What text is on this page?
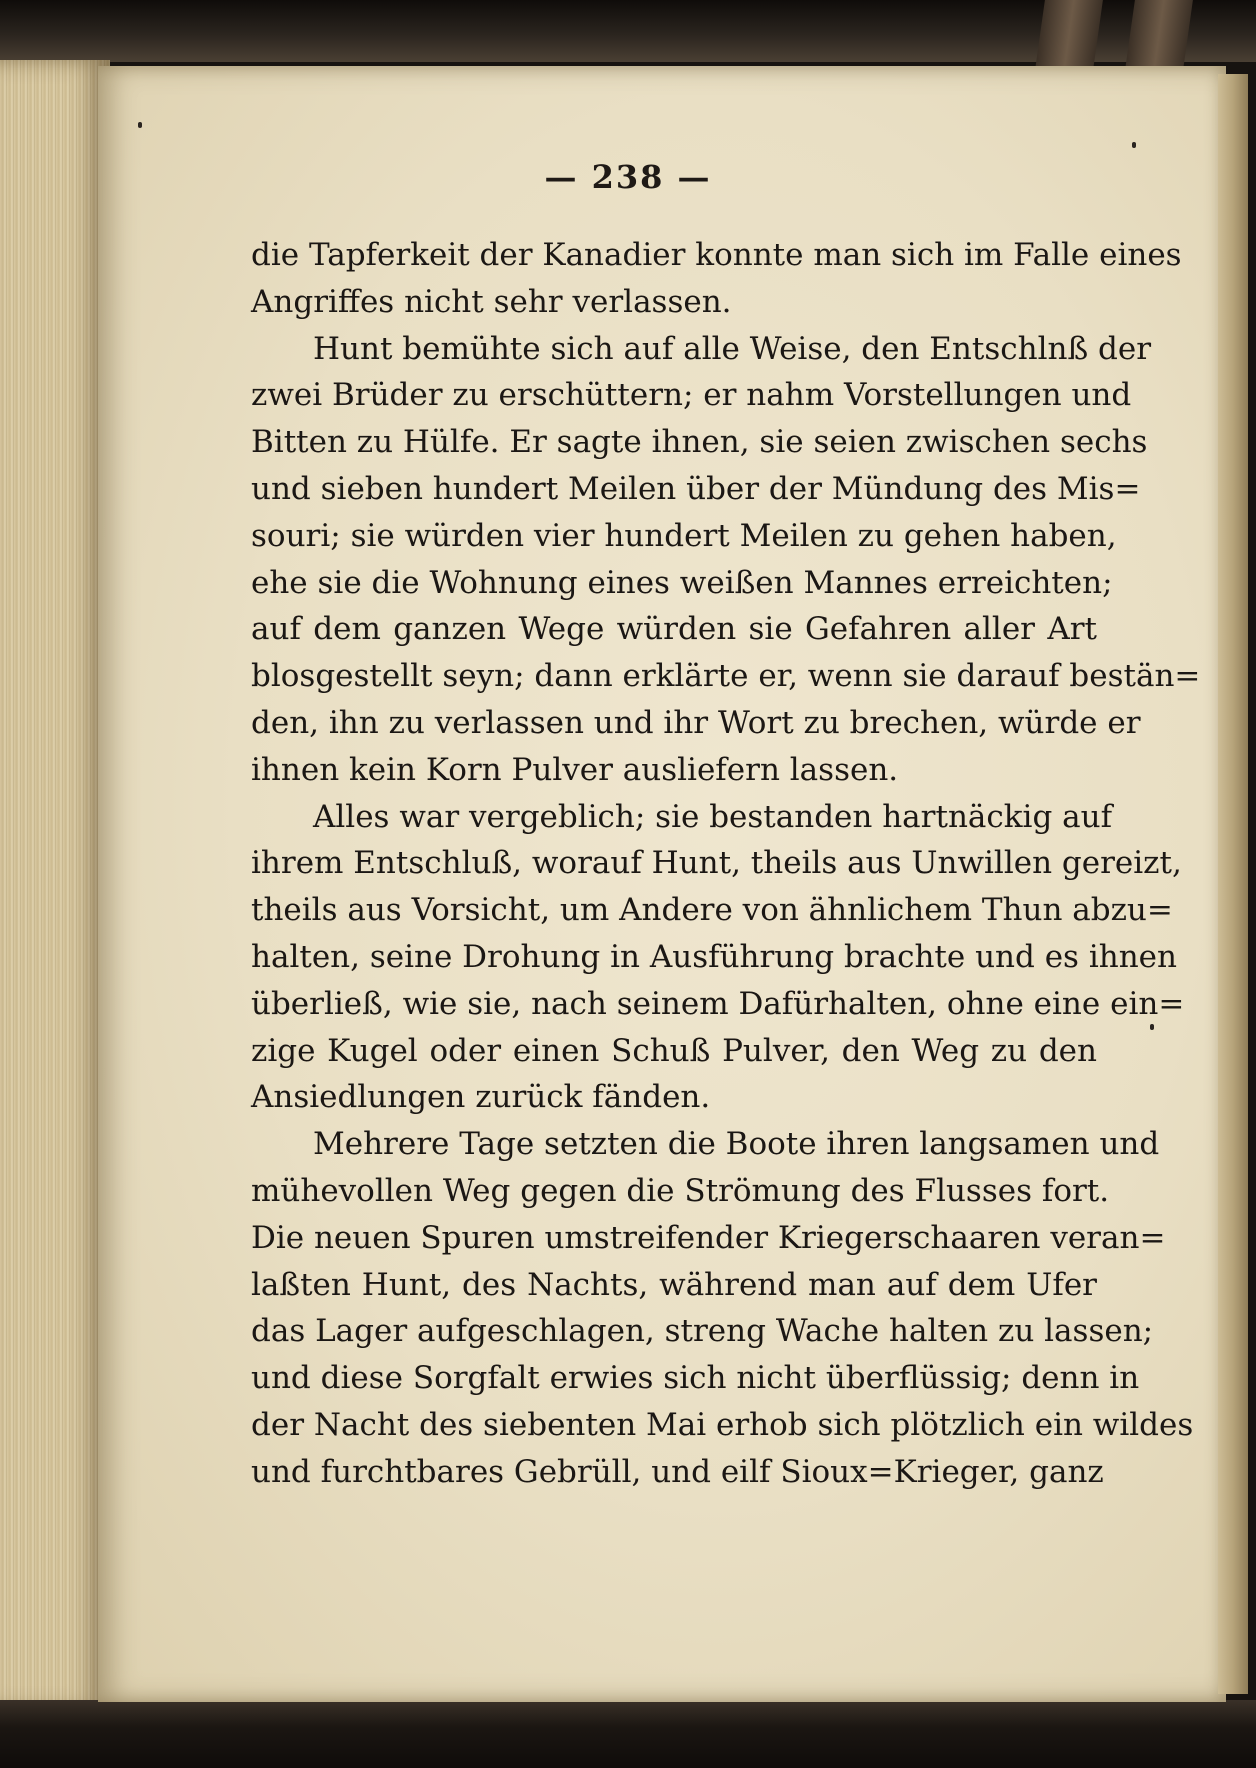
— 238 —
die Tapferkeit der Kanadier konnte man sich im Falle eines
Angriffes nicht sehr verlassen.
Hunt bemühte sich auf alle Weise, den Entschlnß der
zwei Brüder zu erschüttern; er nahm Vorstellungen und
Bitten zu Hülfe. Er sagte ihnen, sie seien zwischen sechs
und sieben hundert Meilen über der Mündung des Mis=
souri; sie würden vier hundert Meilen zu gehen haben,
ehe sie die Wohnung eines weißen Mannes erreichten;
auf dem ganzen Wege würden sie Gefahren aller Art
blosgestellt seyn; dann erklärte er, wenn sie darauf bestän=
den, ihn zu verlassen und ihr Wort zu brechen, würde er
ihnen kein Korn Pulver ausliefern lassen.
Alles war vergeblich; sie bestanden hartnäckig auf
ihrem Entschluß, worauf Hunt, theils aus Unwillen gereizt,
theils aus Vorsicht, um Andere von ähnlichem Thun abzu=
halten, seine Drohung in Ausführung brachte und es ihnen
überließ, wie sie, nach seinem Dafürhalten, ohne eine ein=
zige Kugel oder einen Schuß Pulver, den Weg zu den
Ansiedlungen zurück fänden.
Mehrere Tage setzten die Boote ihren langsamen und
mühevollen Weg gegen die Strömung des Flusses fort.
Die neuen Spuren umstreifender Kriegerschaaren veran=
laßten Hunt, des Nachts, während man auf dem Ufer
das Lager aufgeschlagen, streng Wache halten zu lassen;
und diese Sorgfalt erwies sich nicht überflüssig; denn in
der Nacht des siebenten Mai erhob sich plötzlich ein wildes
und furchtbares Gebrüll, und eilf Sioux=Krieger, ganz
